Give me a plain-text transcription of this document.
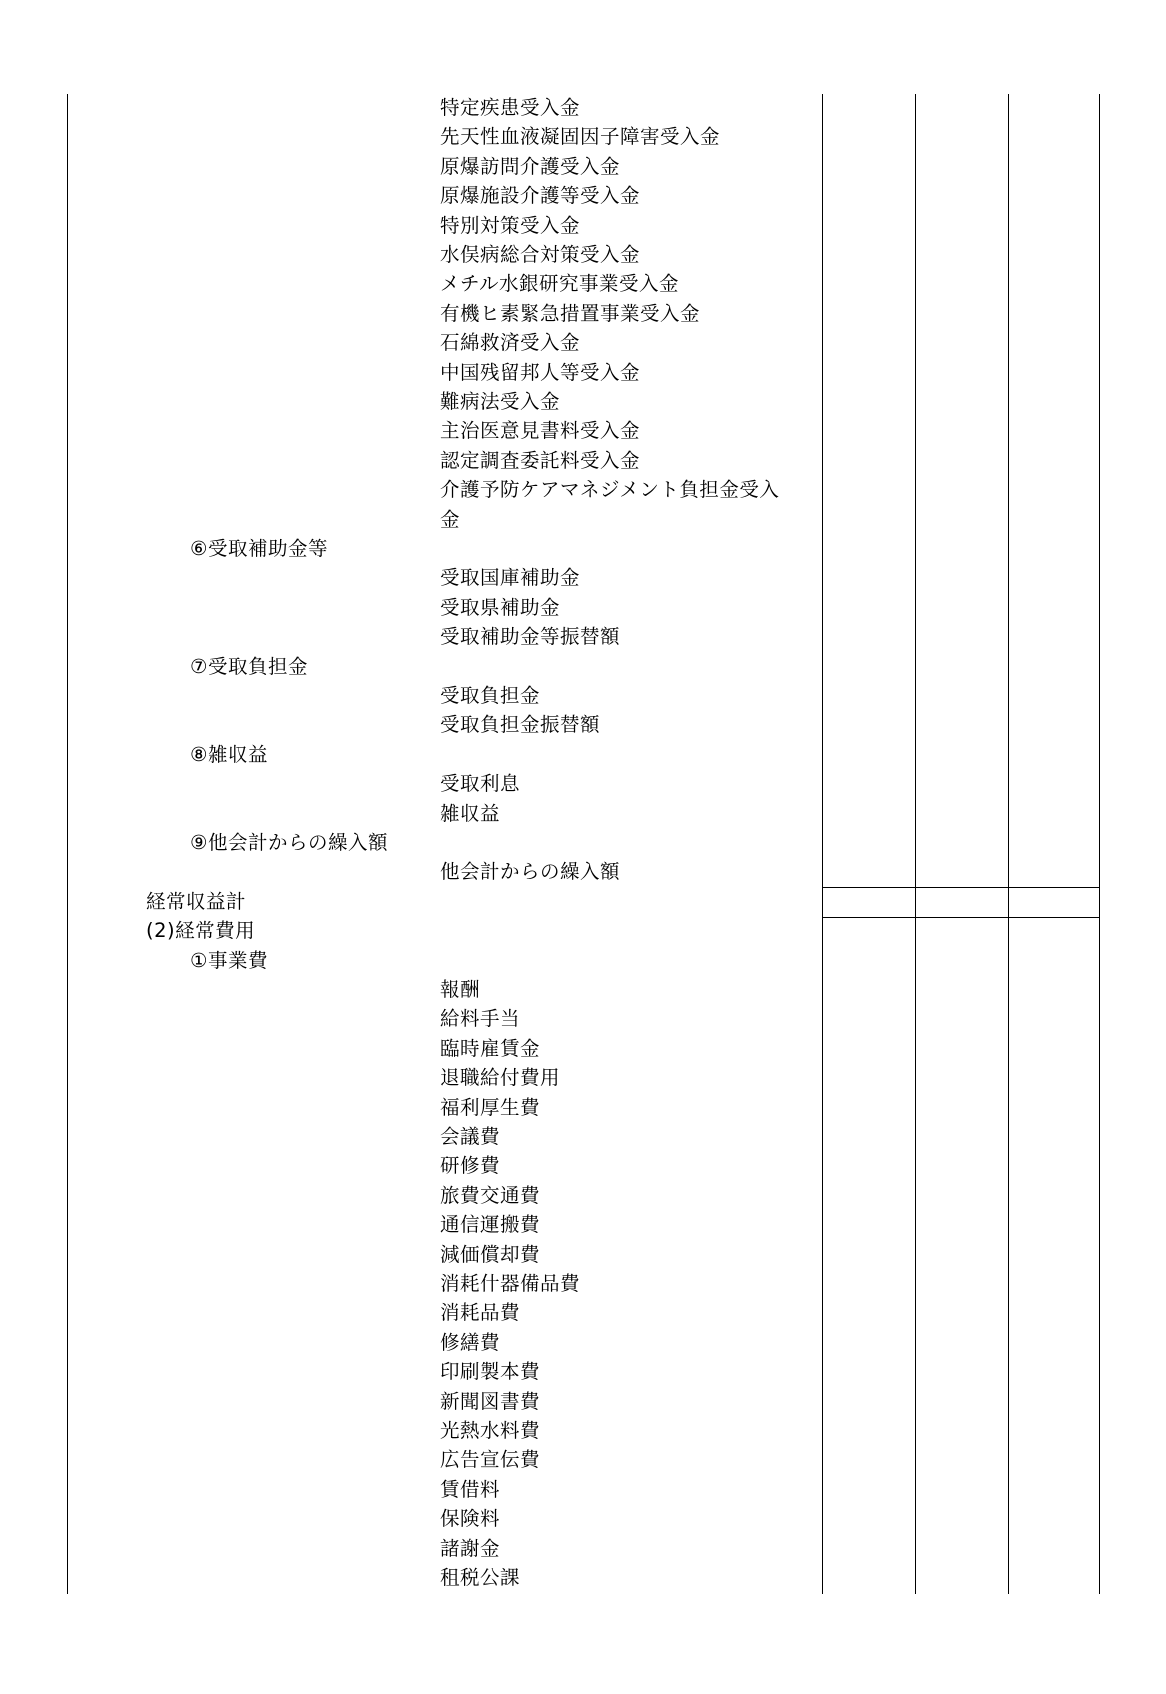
特定疾患受入金
先天性血液凝固因子障害受入金
原爆訪問介護受入金
原爆施設介護等受入金
特別対策受入金
水俣病総合対策受入金
メチル水銀研究事業受入金
有機ヒ素緊急措置事業受入金
石綿救済受入金
中国残留邦人等受入金
難病法受入金
主治医意見書料受入金
認定調査委託料受入金
介護予防ケアマネジメント負担金受入
金
⑥受取補助金等
受取国庫補助金
受取県補助金
受取補助金等振替額
⑦受取負担金
受取負担金
受取負担金振替額
⑧雑収益
受取利息
雑収益
⑨他会計からの繰入額
他会計からの繰入額
経常収益計
(2)経常費用
①事業費
報酬
給料手当
臨時雇賃金
退職給付費用
福利厚生費
会議費
研修費
旅費交通費
通信運搬費
減価償却費
消耗什器備品費
消耗品費
修繕費
印刷製本費
新聞図書費
光熱水料費
広告宣伝費
賃借料
保険料
諸謝金
租税公課
